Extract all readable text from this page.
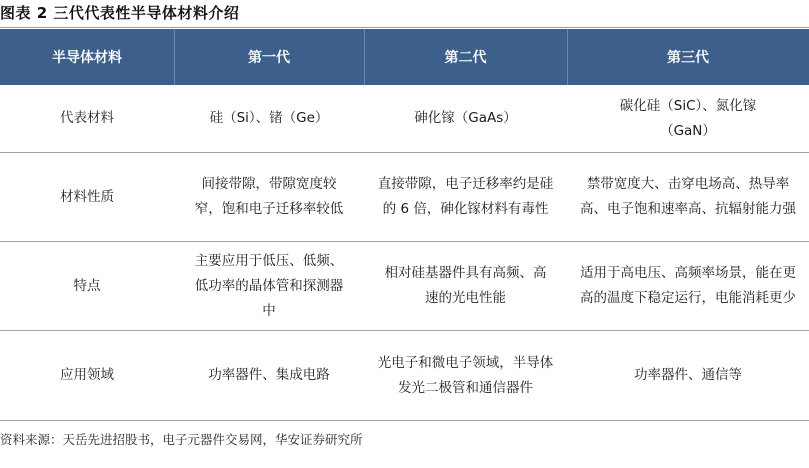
图表 2 三代代表性半导体材料介绍
半导体材料	第一代	第二代	第三代
代表材料	硅（Si）、锗（Ge）	砷化镓（GaAs）	碳化硅（SiC）、氮化镓（GaN）
材料性质	间接带隙，带隙宽度较窄，饱和电子迁移率较低	直接带隙，电子迁移率约是硅的 6 倍，砷化镓材料有毒性	禁带宽度大、击穿电场高、热导率高、电子饱和速率高、抗辐射能力强
特点	主要应用于低压、低频、低功率的晶体管和探测器中	相对硅基器件具有高频、高速的光电性能	适用于高电压、高频率场景，能在更高的温度下稳定运行，电能消耗更少
应用领域	功率器件、集成电路	光电子和微电子领域，半导体发光二极管和通信器件	功率器件、通信等
资料来源：天岳先进招股书，电子元器件交易网，华安证券研究所
